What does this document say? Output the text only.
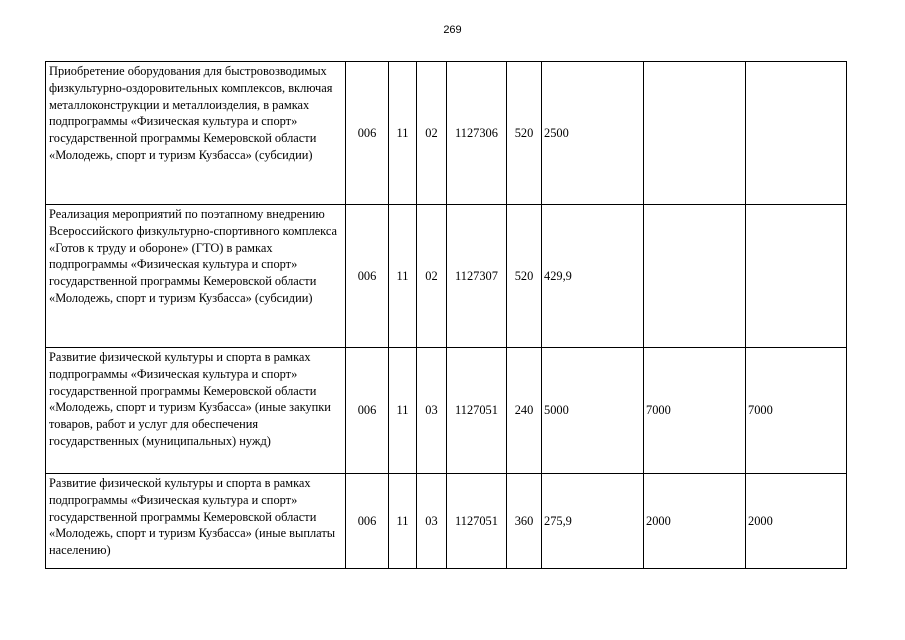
269
Приобретение оборудования для быстровозводимых физкультурно-оздоровительных комплексов, включая металлоконструкции и металлоизделия, в рамках подпрограммы «Физическая культура и спорт» государственной программы Кемеровской области «Молодежь, спорт и туризм Кузбасса» (субсидии)	006	11	02	1127306	520	2500		
Реализация мероприятий по поэтапному внедрению Всероссийского физкультурно-спортивного комплекса «Готов к труду и обороне» (ГТО) в рамках подпрограммы «Физическая культура и спорт» государственной программы Кемеровской области «Молодежь, спорт и туризм Кузбасса» (субсидии)	006	11	02	1127307	520	429,9		
Развитие физической культуры и спорта в рамках подпрограммы «Физическая культура и спорт» государственной программы Кемеровской области «Молодежь, спорт и туризм Кузбасса» (иные закупки товаров, работ и услуг для обеспечения государственных (муниципальных) нужд)	006	11	03	1127051	240	5000	7000	7000
Развитие физической культуры и спорта в рамках подпрограммы «Физическая культура и спорт» государственной программы Кемеровской области «Молодежь, спорт и туризм Кузбасса» (иные выплаты населению)	006	11	03	1127051	360	275,9	2000	2000
